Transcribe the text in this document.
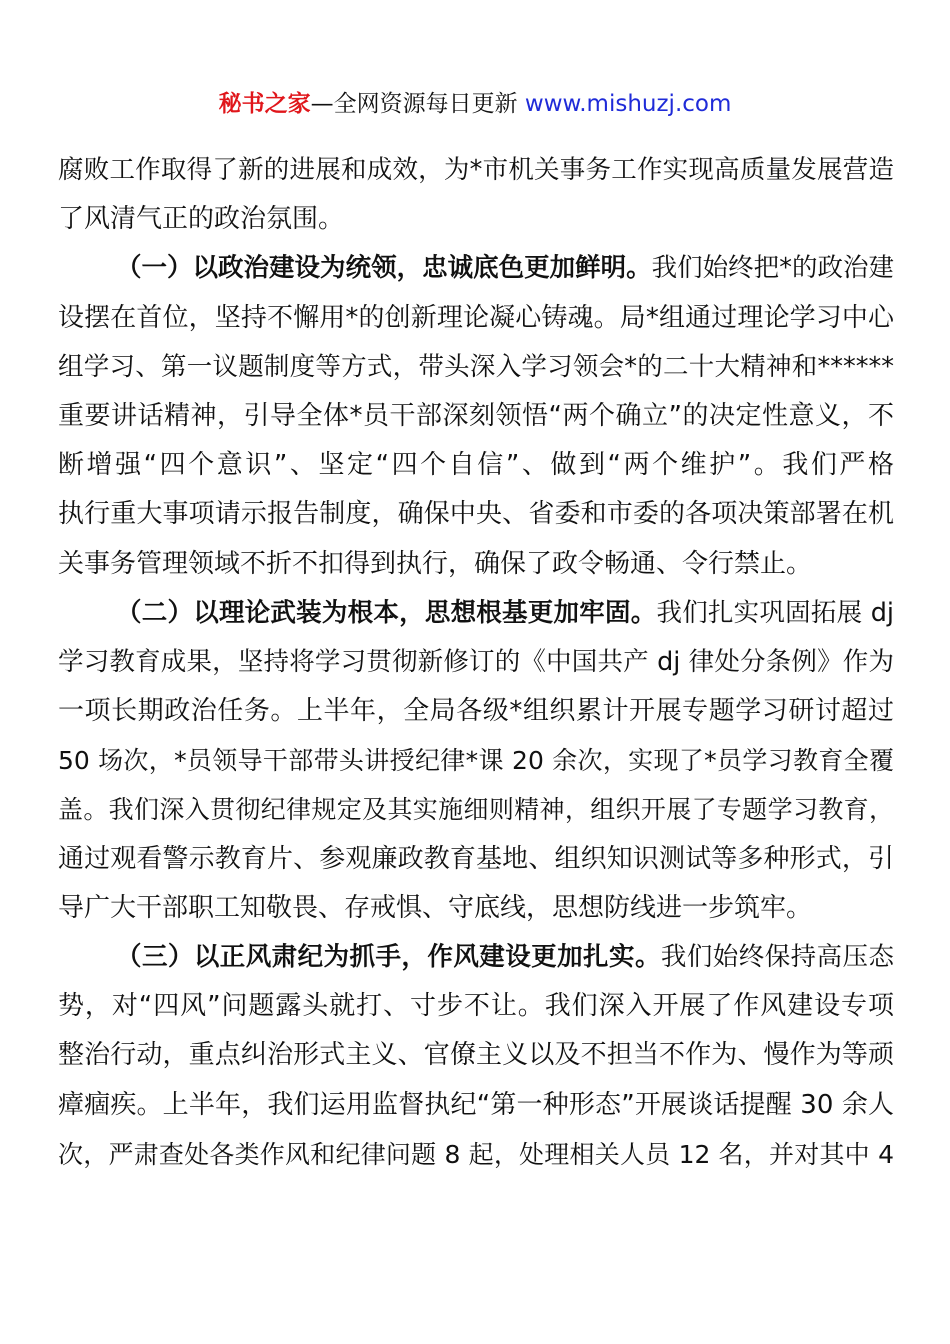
秘书之家—全网资源每日更新 www.mishuzj.com
腐败工作取得了新的进展和成效，为*市机关事务工作实现高质量发展营造
了风清气正的政治氛围。
（一）以政治建设为统领，忠诚底色更加鲜明。我们始终把*的政治建
设摆在首位，坚持不懈用*的创新理论凝心铸魂。局*组通过理论学习中心
组学习、第一议题制度等方式，带头深入学习领会*的二十大精神和******
重要讲话精神，引导全体*员干部深刻领悟“两个确立”的决定性意义，不
断增强“四个意识”、坚定“四个自信”、做到“两个维护”。我们严格
执行重大事项请示报告制度，确保中央、省委和市委的各项决策部署在机
关事务管理领域不折不扣得到执行，确保了政令畅通、令行禁止。
（二）以理论武装为根本，思想根基更加牢固。我们扎实巩固拓展 dj
学习教育成果，坚持将学习贯彻新修订的《中国共产 dj 律处分条例》作为
一项长期政治任务。上半年，全局各级*组织累计开展专题学习研讨超过
50 场次，*员领导干部带头讲授纪律*课 20 余次，实现了*员学习教育全覆
盖。我们深入贯彻纪律规定及其实施细则精神，组织开展了专题学习教育，
通过观看警示教育片、参观廉政教育基地、组织知识测试等多种形式，引
导广大干部职工知敬畏、存戒惧、守底线，思想防线进一步筑牢。
（三）以正风肃纪为抓手，作风建设更加扎实。我们始终保持高压态
势，对“四风”问题露头就打、寸步不让。我们深入开展了作风建设专项
整治行动，重点纠治形式主义、官僚主义以及不担当不作为、慢作为等顽
瘴痼疾。上半年，我们运用监督执纪“第一种形态”开展谈话提醒 30 余人
次，严肃查处各类作风和纪律问题 8 起，处理相关人员 12 名，并对其中 4
